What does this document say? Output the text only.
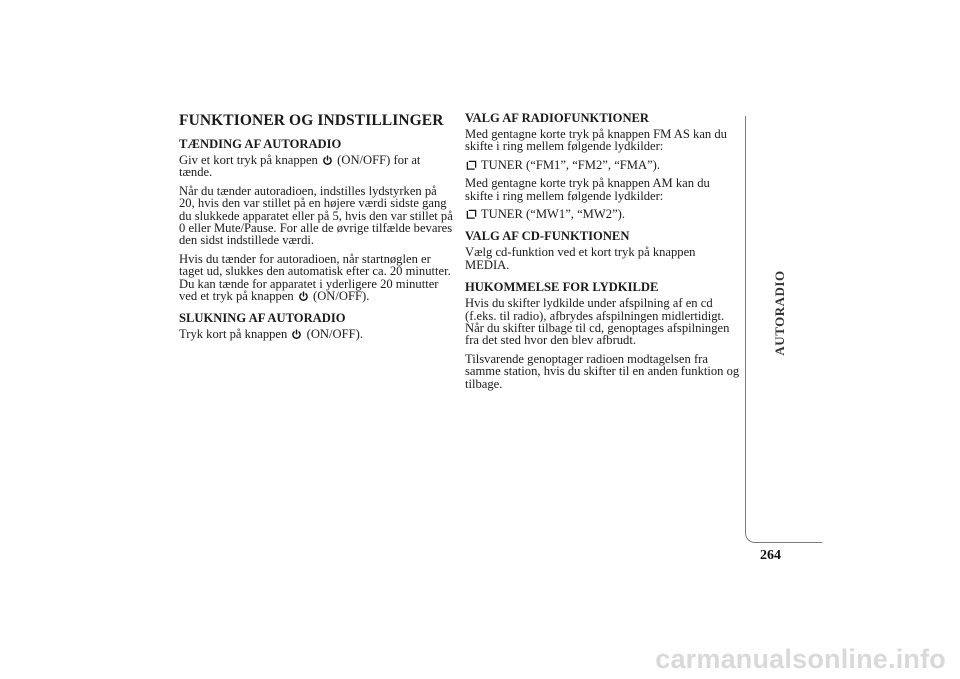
FUNKTIONER OG INDSTILLINGER
TÆNDING AF AUTORADIO

Giv et kort tryk på knappen (ON/OFF) for at tænde.

Når du tænder autoradioen, indstilles lydstyrken på 20, hvis den var stillet på en højere værdi sidste gang du slukkede apparatet eller på 5, hvis den var stillet på 0 eller Mute/Pause. For alle de øvrige tilfælde bevares den sidst indstillede værdi.

Hvis du tænder for autoradioen, når startnøglen er taget ud, slukkes den automatisk efter ca. 20 minutter. Du kan tænde for apparatet i yderligere 20 minutter ved et tryk på knappen (ON/OFF).

SLUKNING AF AUTORADIO

Tryk kort på knappen (ON/OFF).

VALG AF RADIOFUNKTIONER

Med gentagne korte tryk på knappen FM AS kan du skifte i ring mellem følgende lydkilder:

TUNER (“FM1”, “FM2”, “FMA”).

Med gentagne korte tryk på knappen AM kan du skifte i ring mellem følgende lydkilder:

TUNER (“MW1”, “MW2”).

VALG AF CD-FUNKTIONEN

Vælg cd-funktion ved et kort tryk på knappen MEDIA.

HUKOMMELSE FOR LYDKILDE

Hvis du skifter lydkilde under afspilning af en cd (f.eks. til radio), afbrydes afspilningen midlertidigt. Når du skifter tilbage til cd, genoptages afspilningen fra det sted hvor den blev afbrudt.

Tilsvarende genoptager radioen modtagelsen fra samme station, hvis du skifter til en anden funktion og tilbage.

AUTORADIO
264
carmanualsonline.info
